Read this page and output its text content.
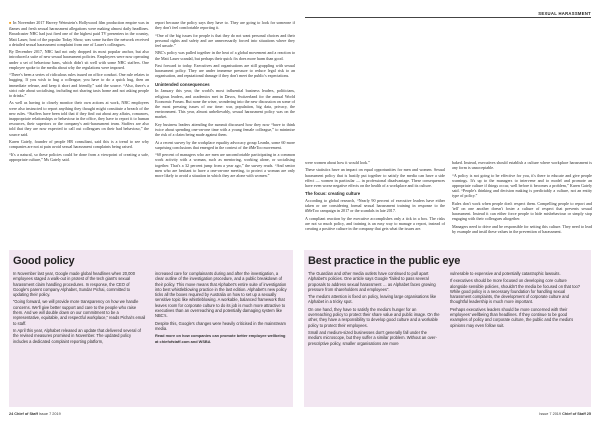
SEXUAL HARASSMENT

■ In November 2017 Harvey Weinstein's Hollywood film production empire was in flames and fresh sexual harassment allegations were making almost daily headlines. Broadcaster NBC had just fired one of the highest paid TV presenters in the country, Matt Lauer, host of the popular Today Show, was some further the network received a detailed sexual harassment complaint from one of Lauer's colleagues.

By December 2017, NBC had not only dropped its most popular anchor, but also introduced a suite of new sexual harassment policies. Employees were now operating under a set of behaviour bans, which didn't sit well with some NBC staffers. One employee spoke to the media about why the regulations were imposed.

“There's been a series of ridiculous rules issued on office conduct. One rule relates to hugging. If you wish to hug a colleague, you have to do a quick hug, then an immediate release, and keep it short and friendly,” said the source. “Also, there's a strict rule about socialising, including not sharing taxis home and not asking people to drinks.”

As well as having to closely monitor their own actions at work, NBC employees were also instructed to report anything they thought might constitute a breach of the new rules. “Staffers have been told that if they find out about any affairs, romances, inappropriate relationships or behaviour in the office, they have to report it to human resources, their superiors or the company's anti-harassment team. Staffers are also told that they are now expected to call out colleagues on their bad behaviour,” the source said.

Karen Gately, founder of people HR consultant, said this is a trend to see why companies are not at pain avoid sexual harassment complaints being raised.

“It's a natural, so these policies could be done from a viewpoint of creating a safe, appropriate culture,” Ms Gately said.

report because the policy says they have to. They are going to look for someone if they don't feel comfortable reporting it.

“One of the big issues for people is that they do not want personal choices and their personal rights and safety and are unnecessarily forced into situations where they feel unsafe.”

NBC's policy was pulled together in the heat of a global movement and a reaction to the Matt Lauer scandal, but perhaps their quick fix does more harm than good.

Fast forward to today. Executives and organisations are still grappling with sexual harassment policy. They are under immense pressure to reduce legal risk to an organisation, and reputational damage if they don't meet the public's expectations.

Unintended consequences

In January this year, the world's most influential business leaders, politicians, religious leaders, and academics met in Davos, Switzerland for the annual World Economic Forum. But none the wiser, wondering into the new discussion on some of the most pressing issues of our time: war, population, big data, privacy, the environment. This year, almost unbelievably, sexual harassment policy was on the market.

Key business leaders attending the summit discussed how they now “have to think twice about spending one-on-one time with a young female colleague,” to minimise the risk of a claim being made against them.

At a recent survey by the workplace equality advocacy group LeanIn, some 60 more surprising conclusions that emerged in the context of the #MeToo movement.

“60 percent of managers who are men are uncomfortable participating in a common work activity with a woman, such as mentoring, working alone, or socialising together. That's a 32 percent jump from a year ago,” the survey reads. “And senior men who are hesitant to have a one-on-one meeting, to protect a woman are only more likely to avoid a situation in which they are alone with women.”

were women about how it would look.”

These statistics have an impact on equal opportunities for men and women. Sexual harassment policy that is hastily put together to satisfy the media can have a side effect — women in particular — in professional disadvantage. These consequences have even worse negative effects on the health of a workplace and its culture.

The focus: creating culture

According to global research, “Nearly 90 percent of executive leaders have either taken or are considering formal sexual harassment training in response to the #MeToo campaign in 2017 or the scandals in late 2017.

A compliant reaction by the executive accomplishes only a tick in a box. The risks are not so much policy, and training is an easy way to manage a report, instead of creating a positive culture in the company that gets what the issues are.

baked. Instead, executives should establish a culture where workplace harassment is any form is unacceptable.

“A policy is not going to be effective for you, it's there to educate and give people warnings. It's up to the managers to intervene and to model and promote an appropriate culture if things occur, well before it becomes a problem,” Karen Gately said. “People's thinking and decision making is predictably a culture, not an entity type of policy.”

Rules don't work when people don't respect them. Compelling people to report and 'tell' on one another doesn't foster a culture of respect that prevents sexual harassment. Instead it can either force people to hide misbehaviour or simply stop engaging with their colleagues altogether.

Managers need to drive and be responsible for setting this culture. They need to lead by example and instil these values in the prevention of harassment.

Good policy

In November last year, Google made global headlines when 20,000 employees staged a walk-out in protest of the tech giant's sexual harassment claim handling procedures. In response, the CEO of Google's parent company Alphabet, Sundar Pichai, committed to updating their policy.

“Going forward, we will provide more transparency on how we handle concerns. We'll give better support and care to the people who raise them. And we will double down on our commitment to be a representative, equitable, and respectful workplace,” reads Pichai's email to staff.

In April this year, Alphabet released an update that delivered several of the revised measures promised in November. The updated policy includes a dedicated complaint reporting platform,

increased care for complainants during and after the investigation, a clear outline of the investigation procedure, and a public breakdown of their policy. This move means that Alphabet's entire suite of investigation into best whistleblowing practice in the last edition. Alphabet's new policy ticks all the boxes required by Australia on how to set up a sexually sensitive topic like whistleblowing. A workable, balanced framework that leaves room for corporate culture to do its job is much more attractive to executives than an overreaching and potentially damaging system like NBC's.

Despite this, Google's changes were heavily criticised in the mainstream media.

Read more on how companies can promote better employee wellbeing at chiefofstaff.com and WSBA

Best practice in the public eye

The Guardian and other media outlets have continued to pull apart Alphabet's policies. One article says Google “failed to pass several proposals to address sexual harassment … as Alphabet faces growing pressure from shareholders and employees”.

The media's attention is fixed on policy, leaving large organisations like Alphabet in a tricky spot.

On one hand, they have to satisfy the media's hunger for an overreaching policy to protect their share value and public image. On the other, they have a responsibility to develop good culture and a workable policy to protect their employees.

Small and medium-sized businesses don't generally fall under the media's microscope, but they suffer a similar problem. Without an over-prescriptive policy, smaller organisations are more

vulnerable to expensive and potentially catastrophic lawsuits.

If executives should be more focused on developing core culture alongside sensible policies, shouldn't the media be focused on that too? While good policy is a necessary foundation for handling sexual harassment complaints, the development of corporate culture and thoughtful leadership is much more important.

Perhaps executives leaders should be more concerned with their employees' wellbeing than headlines. If they continue to be good examples of policy and corporate culture, the public and the media's opinions may even follow suit.

24 Chief of Staff Issue 7 2019	Issue 7 2019 Chief of Staff 25
